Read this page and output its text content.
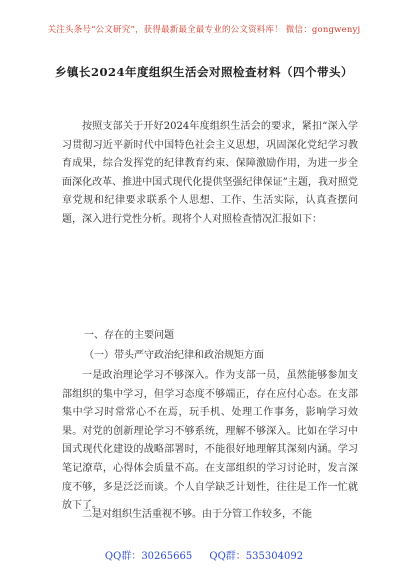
关注头条号“公文研究”，获得最新最全最专业的公文资料库！ 微信：gongwenyj
乡镇长2024年度组织生活会对照检查材料（四个带头）

按照支部关于开好2024年度组织生活会的要求，紧扣“深入学习贯彻习近平新时代中国特色社会主义思想，巩固深化党纪学习教育成果，综合发挥党的纪律教育约束、保障激励作用，为进一步全面深化改革、推进中国式现代化提供坚强纪律保证”主题，我对照党章党规和纪律要求联系个人思想、工作、生活实际，认真查摆问题，深入进行党性分析。现将个人对照检查情况汇报如下：

一、存在的主要问题
（一）带头严守政治纪律和政治规矩方面

一是政治理论学习不够深入。作为支部一员，虽然能够参加支部组织的集中学习，但学习态度不够端正，存在应付心态。在支部集中学习时常常心不在焉，玩手机、处理工作事务，影响学习效果。对党的创新理论学习不够系统，理解不够深入。比如在学习中国式现代化建设的战略部署时，不能很好地理解其深刻内涵。学习笔记潦草，心得体会质量不高。在支部组织的学习讨论时，发言深度不够，多是泛泛而谈。个人自学缺乏计划性，往往是工作一忙就放下了。

二是对组织生活重视不够。由于分管工作较多，不能
QQ群：30265665 QQ群：535304092
